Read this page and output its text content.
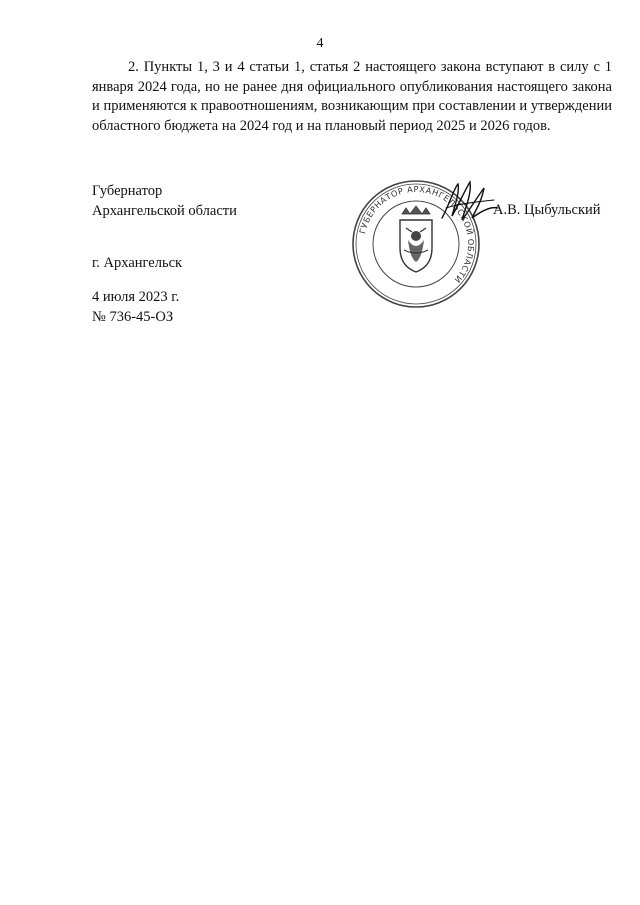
4

2. Пункты 1, 3 и 4 статьи 1, статья 2 настоящего закона вступают в силу с 1 января 2024 года, но не ранее дня официального опубликования настоящего закона и применяются к правоотношениям, возникающим при составлении и утверждении областного бюджета на 2024 год и на плановый период 2025 и 2026 годов.

Губернатор
Архангельской области
ГУБЕРНАТОР АРХАНГЕЛЬСКОЙ ОБЛАСТИ
А.В. Цыбульский
г. Архангельск
4 июля 2023 г.
№ 736-45-ОЗ
